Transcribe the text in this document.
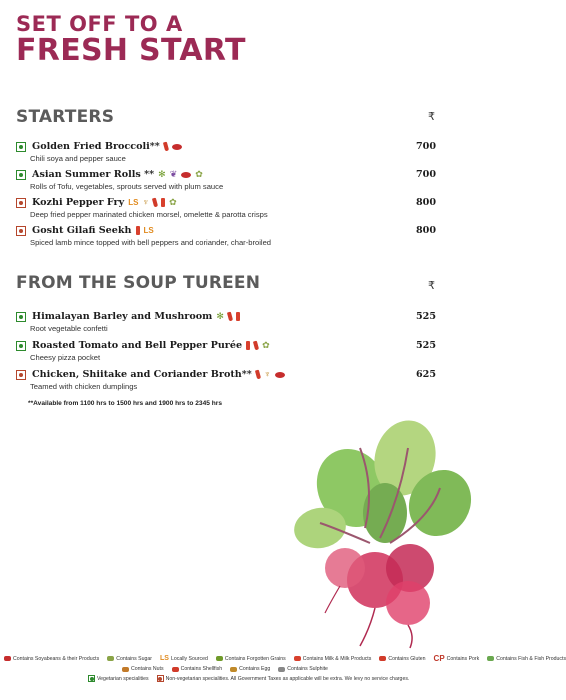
SET OFF TO A
FRESH START
STARTERS	₹
Golden Fried Broccoli**
Chili soya and pepper sauce
700
Asian Summer Rolls ** ✻ ❦ ✿
Rolls of Tofu, vegetables, sprouts served with plum sauce
700
Kozhi Pepper Fry LS ♆ ✿
Deep fried pepper marinated chicken morsel, omelette & parotta crisps
800
Gosht Gilafi Seekh LS
Spiced lamb mince topped with bell peppers and coriander, char-broiled
800
FROM THE SOUP TUREEN	₹
Himalayan Barley and Mushroom ✻
Root vegetable confetti
525
Roasted Tomato and Bell Pepper Purée ✿
Cheesy pizza pocket
525
Chicken, Shiitake and Coriander Broth** ♆
Teamed with chicken dumplings
625
**Available from 1100 hrs to 1500 hrs and 1900 hrs to 2345 hrs
Contains Soyabeans & their Products	Contains Sugar LS Locally Sourced	Contains Forgotten Grains	Contains Milk & Milk Products	Contains Gluten CP Contains Pork	Contains Fish & Fish Products
Contains Nuts	Contains Shellfish	Contains Egg	Contains Sulphite
Vegetarian specialities	Non-vegetarian specialities. All Government Taxes as applicable will be extra. We levy no service charges.
